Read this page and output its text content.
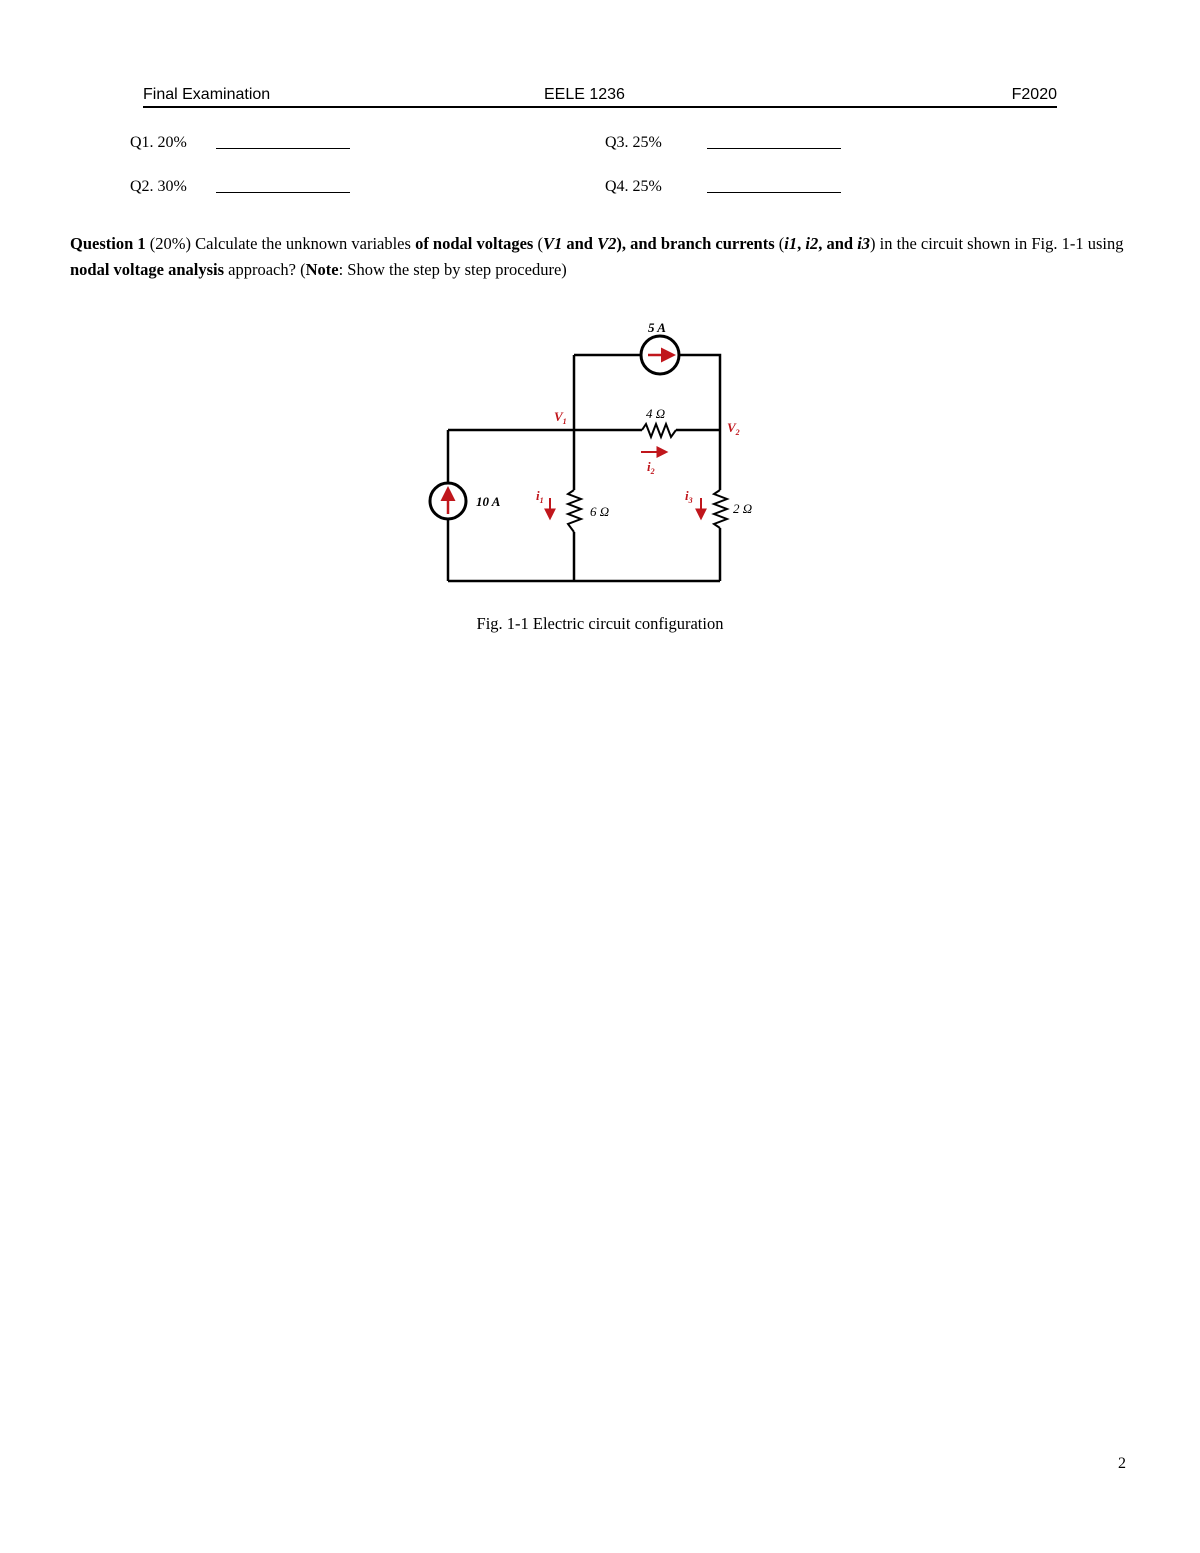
Final Examination	EELE 1236	F2020
Q1. 20%
Q2. 30%
Q3. 25%
Q4. 25%
Question 1 (20%) Calculate the unknown variables of nodal voltages (V1 and V2), and branch currents (i1, i2, and i3) in the circuit shown in Fig. 1-1 using nodal voltage analysis approach? (Note: Show the step by step procedure)
5 A
10 A
4 Ω
6 Ω	2 Ω
$V_1$	$V_2$
$i_1$
$i_2$
$i_3$
Fig. 1-1 Electric circuit configuration
2
